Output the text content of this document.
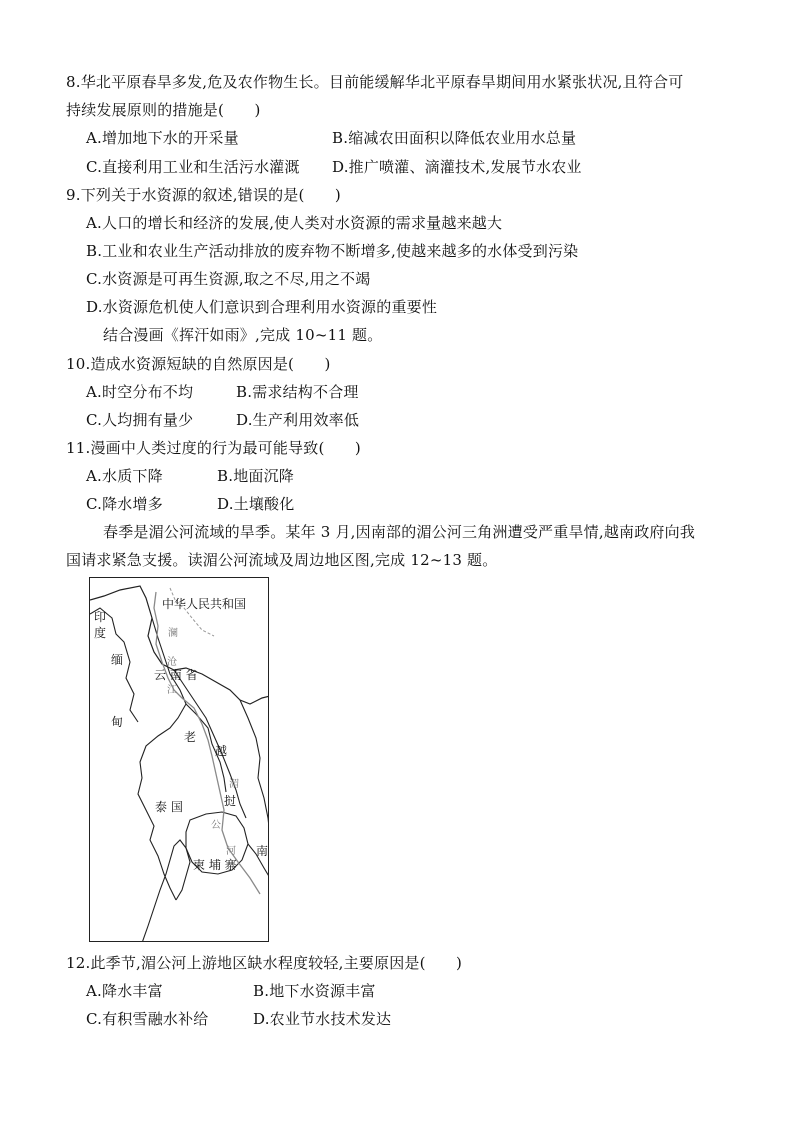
8.华北平原春旱多发,危及农作物生长。目前能缓解华北平原春旱期间用水紧张状况,且符合可
持续发展原则的措施是(　　)
A.增加地下水的开采量	B.缩减农田面积以降低农业用水总量
C.直接利用工业和生活污水灌溉 D.推广喷灌、滴灌技术,发展节水农业
9.下列关于水资源的叙述,错误的是(　　)
A.人口的增长和经济的发展,使人类对水资源的需求量越来越大
B.工业和农业生产活动排放的废弃物不断增多,使越来越多的水体受到污染
C.水资源是可再生资源,取之不尽,用之不竭
D.水资源危机使人们意识到合理利用水资源的重要性
结合漫画《挥汗如雨》,完成 10~11 题。
10.造成水资源短缺的自然原因是(　　)
A.时空分布不均	B.需求结构不合理
C.人均拥有量少	D.生产利用效率低
11.漫画中人类过度的行为最可能导致(　　)
A.水质下降	B.地面沉降
C.降水增多	D.土壤酸化
春季是湄公河流域的旱季。某年 3 月,因南部的湄公河三角洲遭受严重旱情,越南政府向我
国请求紧急支援。读湄公河流域及周边地区图,完成 12~13 题。
中华人民共和国
印
度
缅
甸
云 南 省
老
越
南
泰 国
柬 埔 寨
挝
澜
沧
江
湄
公
河
12.此季节,湄公河上游地区缺水程度较轻,主要原因是(　　)
A.降水丰富	B.地下水资源丰富
C.有积雪融水补给	D.农业节水技术发达
